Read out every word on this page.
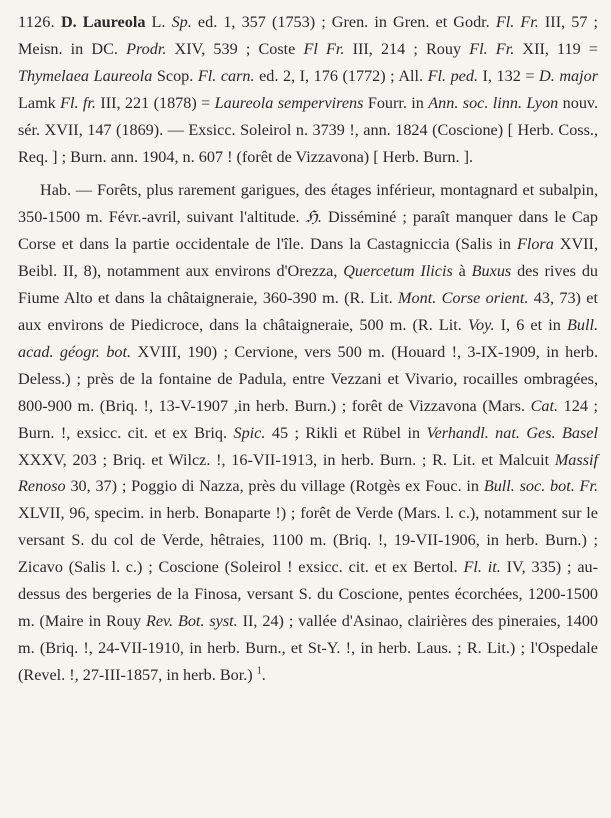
1126. D. Laureola L. Sp. ed. 1, 357 (1753) ; Gren. in Gren. et Godr. Fl. Fr. III, 57 ; Meisn. in DC. Prodr. XIV, 539 ; Coste Fl Fr. III, 214 ; Rouy Fl. Fr. XII, 119 = Thymelaea Laureola Scop. Fl. carn. ed. 2, I, 176 (1772) ; All. Fl. ped. I, 132 = D. major Lamk Fl. fr. III, 221 (1878) = Laureola sempervirens Fourr. in Ann. soc. linn. Lyon nouv. sér. XVII, 147 (1869). — Exsicc. Soleirol n. 3739 !, ann. 1824 (Coscione) [ Herb. Coss., Req. ] ; Burn. ann. 1904, n. 607 ! (forêt de Vizzavona) [ Herb. Burn. ].

Hab. — Forêts, plus rarement garigues, des étages inférieur, montagnard et subalpin, 350-1500 m. Févr.-avril, suivant l'altitude. ℌ. Disséminé ; paraît manquer dans le Cap Corse et dans la partie occidentale de l'île. Dans la Castagniccia (Salis in Flora XVII, Beibl. II, 8), notamment aux environs d'Orezza, Quercetum Ilicis à Buxus des rives du Fiume Alto et dans la châtaigneraie, 360-390 m. (R. Lit. Mont. Corse orient. 43, 73) et aux environs de Piedicroce, dans la châtaigneraie, 500 m. (R. Lit. Voy. I, 6 et in Bull. acad. géogr. bot. XVIII, 190) ; Cervione, vers 500 m. (Houard !, 3-IX-1909, in herb. Deless.) ; près de la fontaine de Padula, entre Vezzani et Vivario, rocailles ombragées, 800-900 m. (Briq. !, 13-V-1907 ,in herb. Burn.) ; forêt de Vizzavona (Mars. Cat. 124 ; Burn. !, exsicc. cit. et ex Briq. Spic. 45 ; Rikli et Rübel in Verhandl. nat. Ges. Basel XXXV, 203 ; Briq. et Wilcz. !, 16-VII-1913, in herb. Burn. ; R. Lit. et Malcuit Massif Renoso 30, 37) ; Poggio di Nazza, près du village (Rotgès ex Fouc. in Bull. soc. bot. Fr. XLVII, 96, specim. in herb. Bonaparte !) ; forêt de Verde (Mars. l. c.), notamment sur le versant S. du col de Verde, hêtraies, 1100 m. (Briq. !, 19-VII-1906, in herb. Burn.) ; Zicavo (Salis l. c.) ; Coscione (Soleirol ! exsicc. cit. et ex Bertol. Fl. it. IV, 335) ; au-dessus des bergeries de la Finosa, versant S. du Coscione, pentes écorchées, 1200-1500 m. (Maire in Rouy Rev. Bot. syst. II, 24) ; vallée d'Asinao, clairières des pineraies, 1400 m. (Briq. !, 24-VII-1910, in herb. Burn., et St-Y. !, in herb. Laus. ; R. Lit.) ; l'Ospedale (Revel. !, 27-III-1857, in herb. Bor.) $^1$.
